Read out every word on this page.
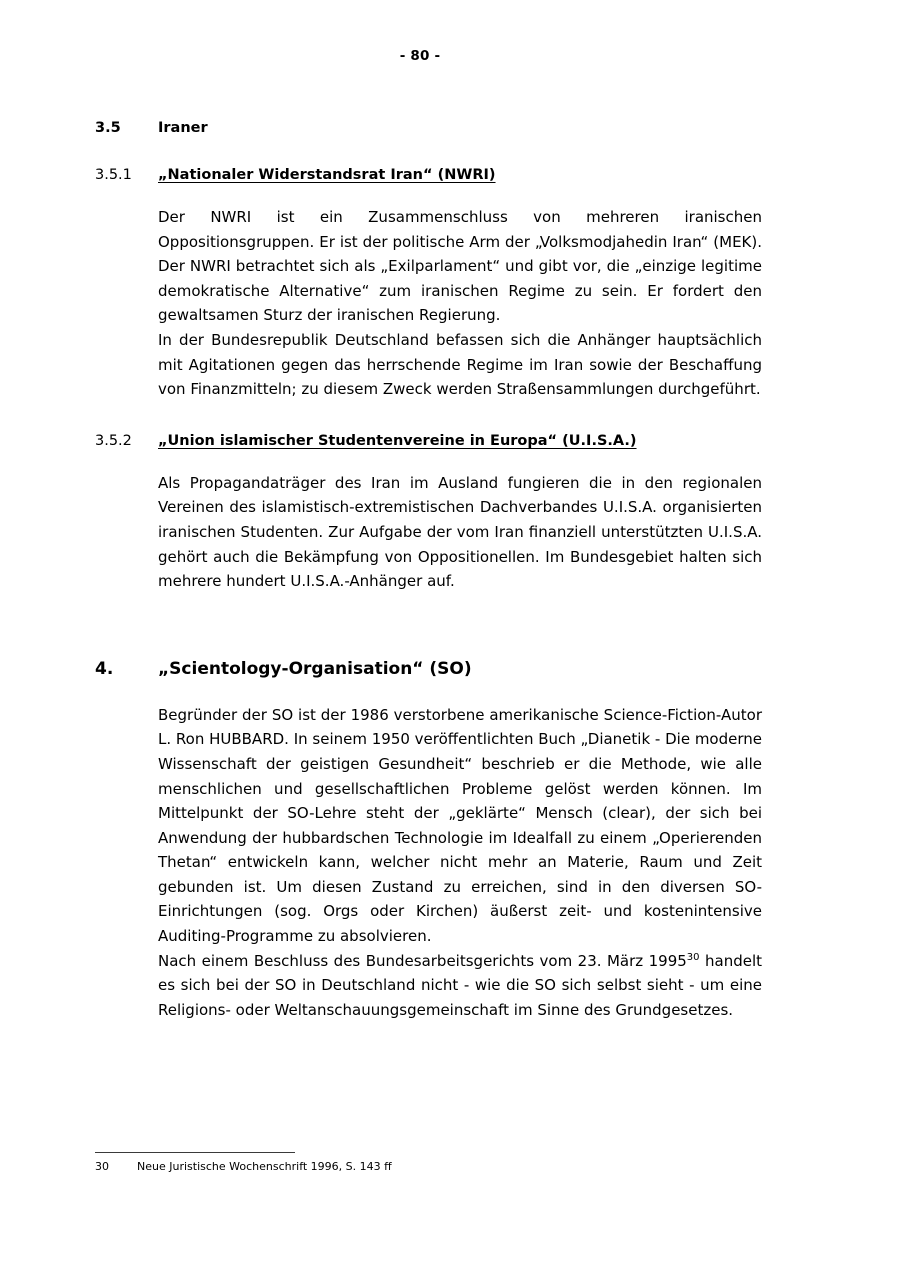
- 80 -
3.5	Iraner
3.5.1	„Nationaler Widerstandsrat Iran“ (NWRI)

Der NWRI ist ein Zusammenschluss von mehreren iranischen Oppositionsgruppen. Er ist der politische Arm der „Volksmodjahedin Iran“ (MEK). Der NWRI betrachtet sich als „Exilparlament“ und gibt vor, die „einzige legitime demokratische Alternative“ zum iranischen Regime zu sein. Er fordert den gewaltsamen Sturz der iranischen Regierung.

In der Bundesrepublik Deutschland befassen sich die Anhänger hauptsächlich mit Agitationen gegen das herrschende Regime im Iran sowie der Beschaffung von Finanzmitteln; zu diesem Zweck werden Straßensammlungen durchgeführt.

3.5.2	„Union islamischer Studentenvereine in Europa“ (U.I.S.A.)

Als Propagandaträger des Iran im Ausland fungieren die in den regionalen Vereinen des islamistisch-extremistischen Dachverbandes U.I.S.A. organisierten iranischen Studenten. Zur Aufgabe der vom Iran finanziell unterstützten U.I.S.A. gehört auch die Bekämpfung von Oppositionellen. Im Bundesgebiet halten sich mehrere hundert U.I.S.A.-Anhänger auf.

4.	„Scientology-Organisation“ (SO)

Begründer der SO ist der 1986 verstorbene amerikanische Science-Fiction-Autor L. Ron HUBBARD. In seinem 1950 veröffentlichten Buch „Dianetik - Die moderne Wissenschaft der geistigen Gesundheit“ beschrieb er die Methode, wie alle menschlichen und gesellschaftlichen Probleme gelöst werden können. Im Mittelpunkt der SO-Lehre steht der „geklärte“ Mensch (clear), der sich bei Anwendung der hubbardschen Technologie im Idealfall zu einem „Operierenden Thetan“ entwickeln kann, welcher nicht mehr an Materie, Raum und Zeit gebunden ist. Um diesen Zustand zu erreichen, sind in den diversen SO-Einrichtungen (sog. Orgs oder Kirchen) äußerst zeit- und kostenintensive Auditing-Programme zu absolvieren.

Nach einem Beschluss des Bundesarbeitsgerichts vom 23. März 1995$^{30}$ handelt es sich bei der SO in Deutschland nicht - wie die SO sich selbst sieht - um eine Religions- oder Weltanschauungsgemeinschaft im Sinne des Grundgesetzes.

30	Neue Juristische Wochenschrift 1996, S. 143 ff
